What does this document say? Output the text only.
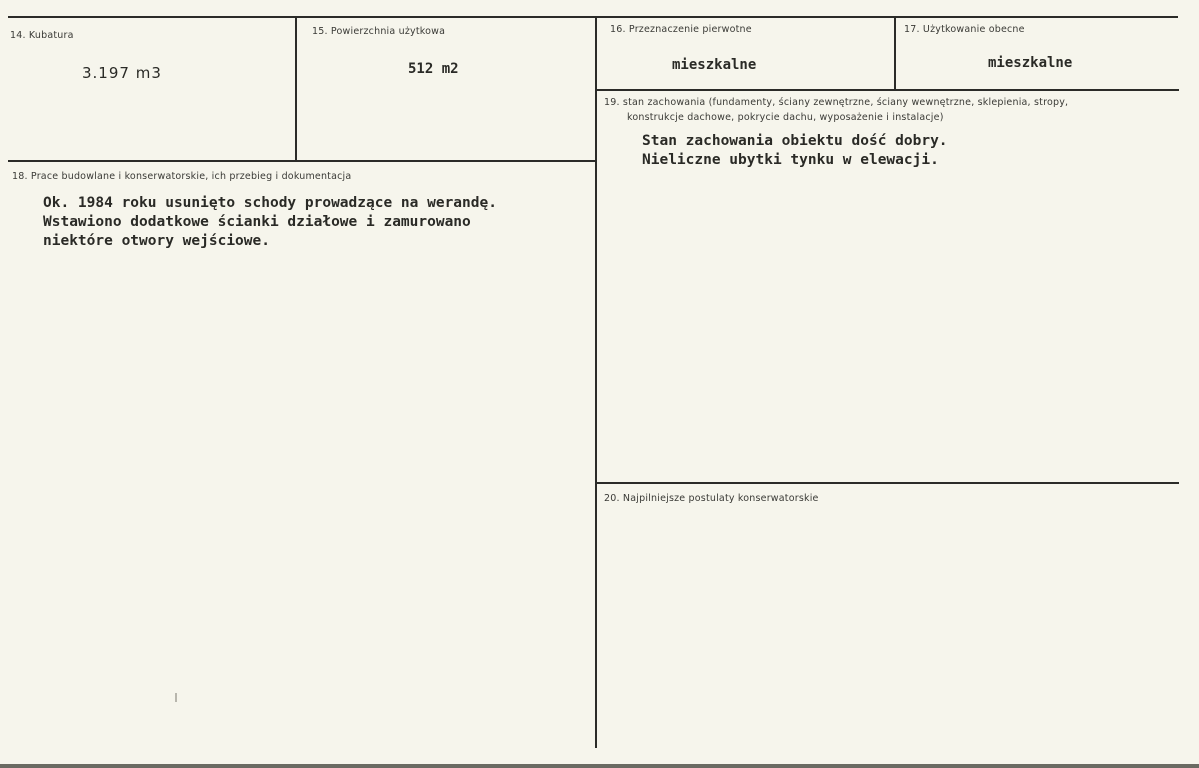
14. Kubatura
3.197 m3
15. Powierzchnia użytkowa
512 m2
16. Przeznaczenie pierwotne
mieszkalne
17. Użytkowanie obecne
mieszkalne
18. Prace budowlane i konserwatorskie, ich przebieg i dokumentacja
Ok. 1984 roku usunięto schody prowadzące na werandę.
Wstawiono dodatkowe ścianki działowe i zamurowano
niektóre otwory wejściowe.
19. stan zachowania (fundamenty, ściany zewnętrzne, ściany wewnętrzne, sklepienia, stropy,
konstrukcje dachowe, pokrycie dachu, wyposażenie i instalacje)
Stan zachowania obiektu dość dobry.
Nieliczne ubytki tynku w elewacji.
20. Najpilniejsze postulaty konserwatorskie
